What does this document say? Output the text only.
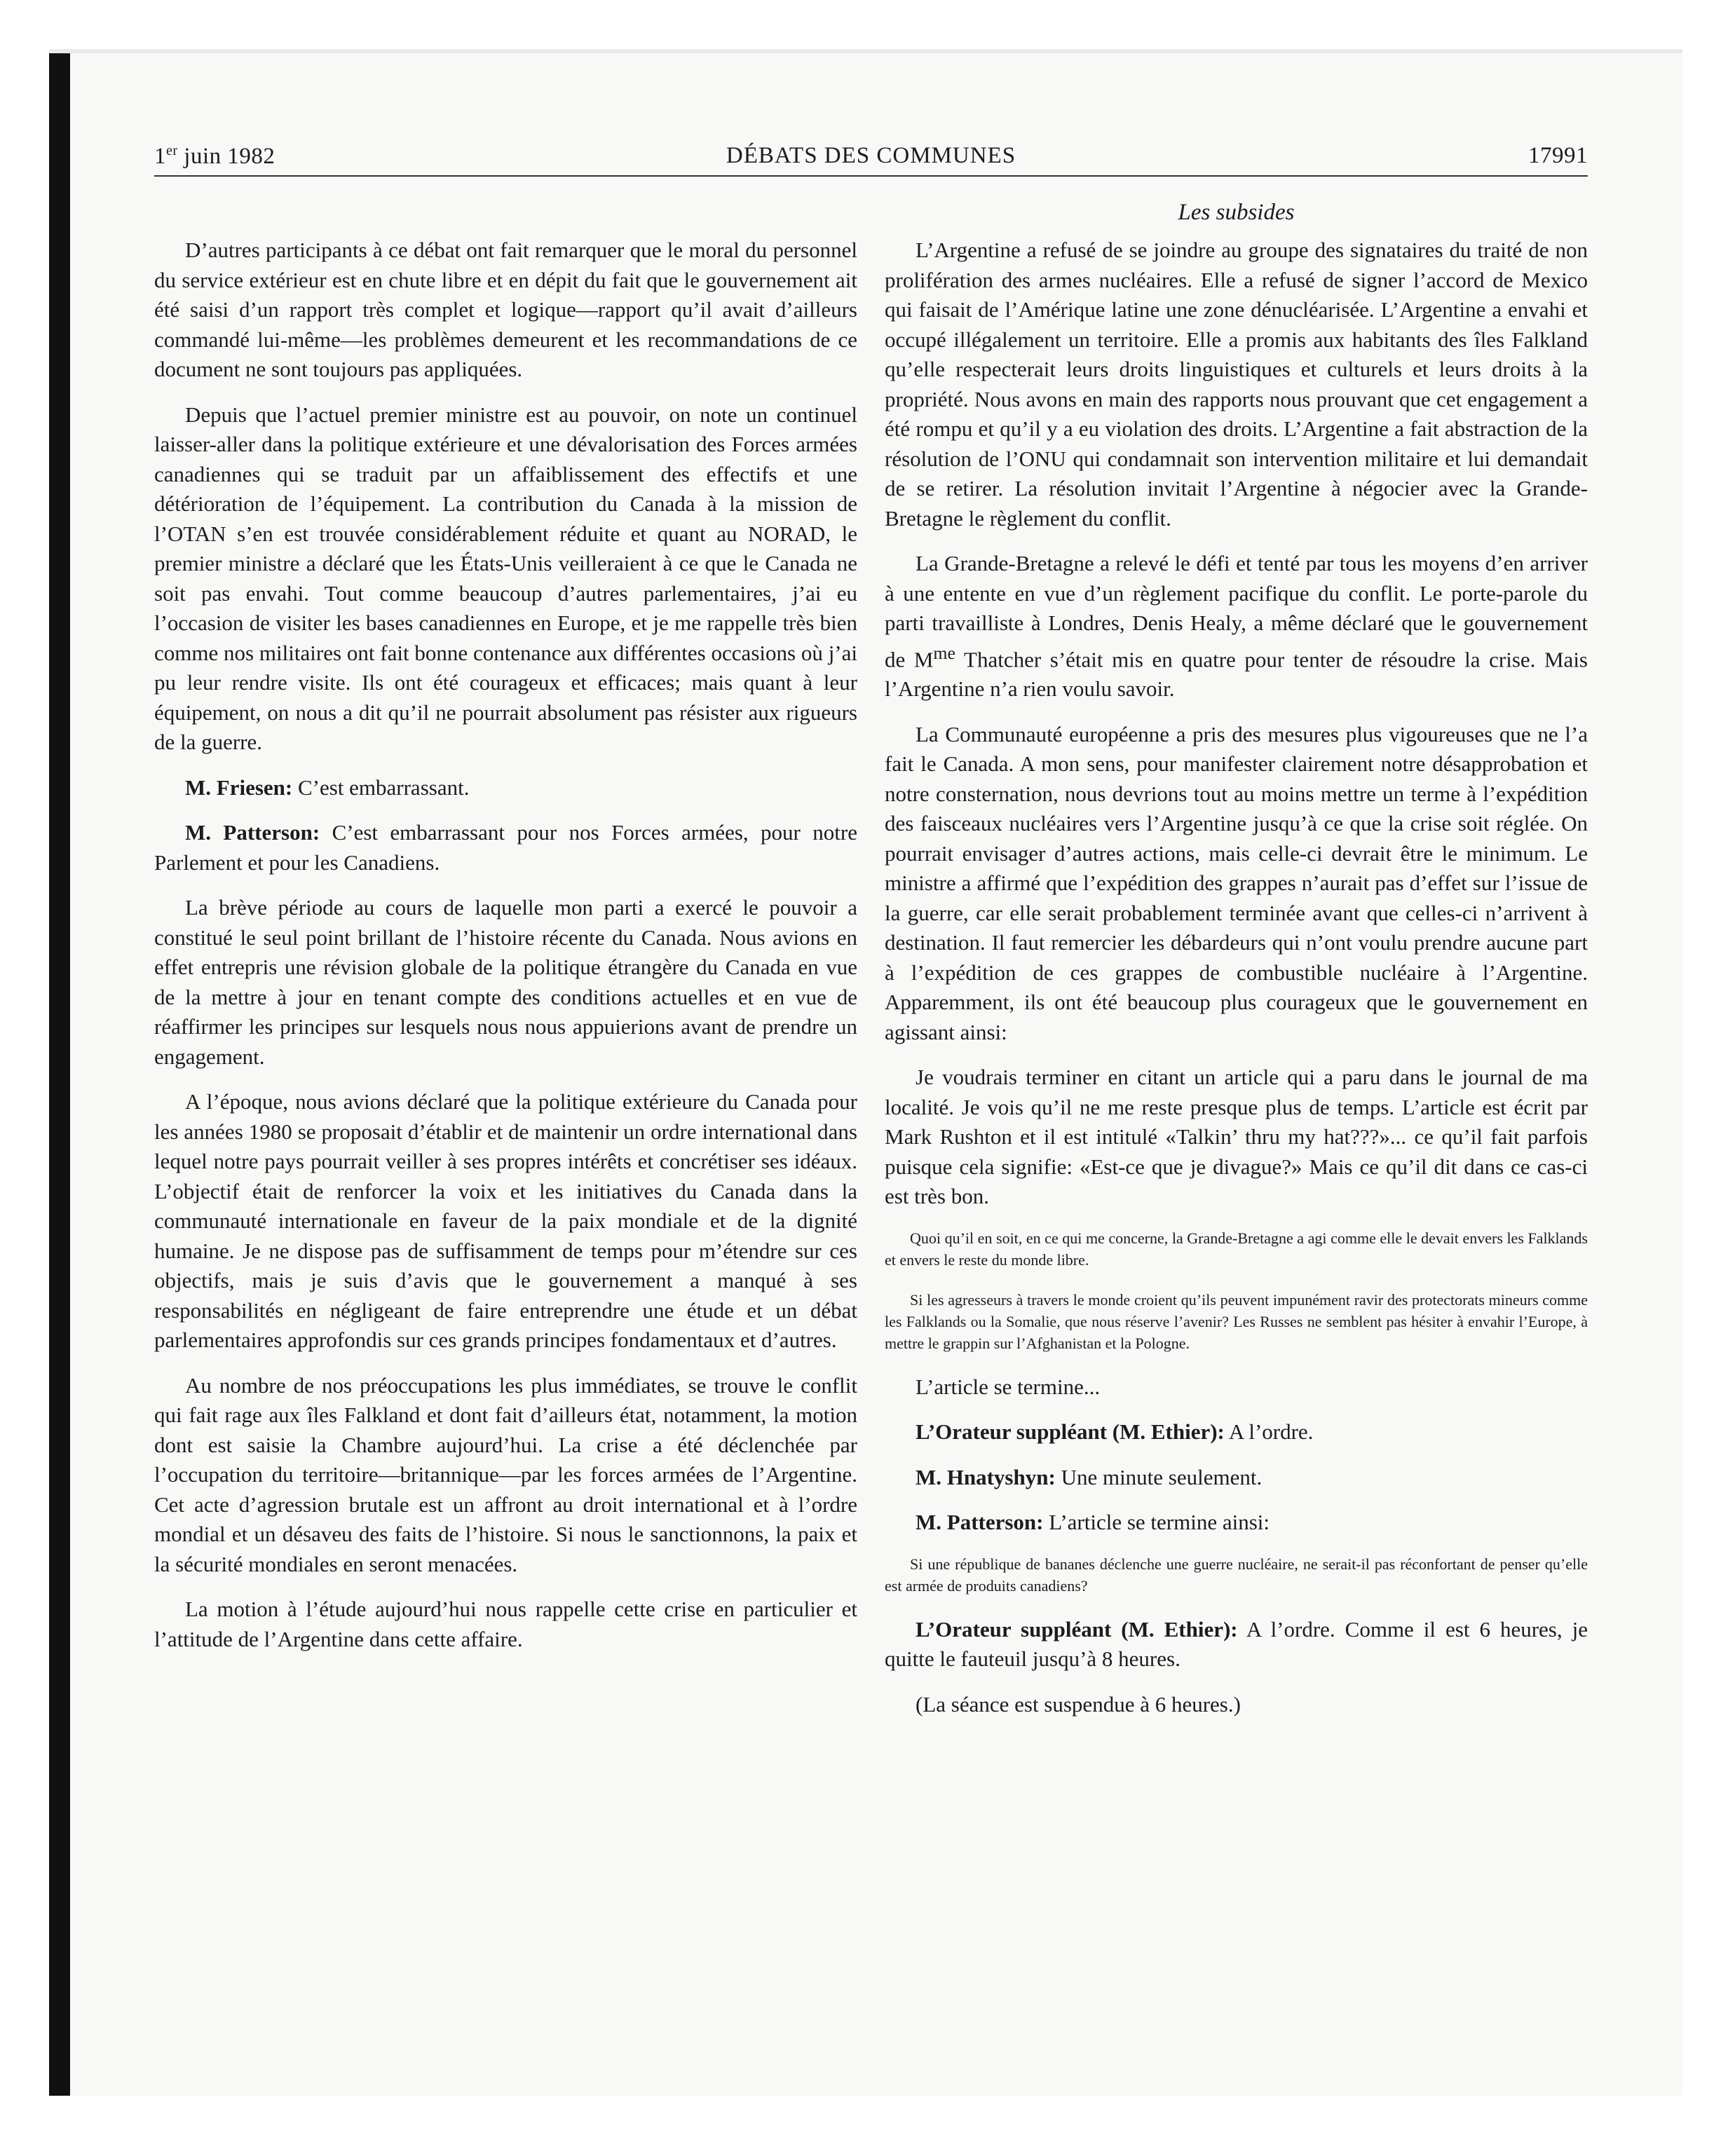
1er juin 1982	DÉBATS DES COMMUNES	17991
Les subsides

D’autres participants à ce débat ont fait remarquer que le moral du personnel du service extérieur est en chute libre et en dépit du fait que le gouvernement ait été saisi d’un rapport très complet et logique—rapport qu’il avait d’ailleurs commandé lui-même—les problèmes demeurent et les recommandations de ce document ne sont toujours pas appliquées.

Depuis que l’actuel premier ministre est au pouvoir, on note un continuel laisser-aller dans la politique extérieure et une dévalorisation des Forces armées canadiennes qui se traduit par un affaiblissement des effectifs et une détérioration de l’équipement. La contribution du Canada à la mission de l’OTAN s’en est trouvée considérablement réduite et quant au NORAD, le premier ministre a déclaré que les États-Unis veilleraient à ce que le Canada ne soit pas envahi. Tout comme beaucoup d’autres parlementaires, j’ai eu l’occasion de visiter les bases canadiennes en Europe, et je me rappelle très bien comme nos militaires ont fait bonne contenance aux différentes occasions où j’ai pu leur rendre visite. Ils ont été courageux et efficaces; mais quant à leur équipement, on nous a dit qu’il ne pourrait absolument pas résister aux rigueurs de la guerre.

M. Friesen: C’est embarrassant.

M. Patterson: C’est embarrassant pour nos Forces armées, pour notre Parlement et pour les Canadiens.

La brève période au cours de laquelle mon parti a exercé le pouvoir a constitué le seul point brillant de l’histoire récente du Canada. Nous avions en effet entrepris une révision globale de la politique étrangère du Canada en vue de la mettre à jour en tenant compte des conditions actuelles et en vue de réaffirmer les principes sur lesquels nous nous appuierions avant de prendre un engagement.

A l’époque, nous avions déclaré que la politique extérieure du Canada pour les années 1980 se proposait d’établir et de maintenir un ordre international dans lequel notre pays pourrait veiller à ses propres intérêts et concrétiser ses idéaux. L’objectif était de renforcer la voix et les initiatives du Canada dans la communauté internationale en faveur de la paix mondiale et de la dignité humaine. Je ne dispose pas de suffisamment de temps pour m’étendre sur ces objectifs, mais je suis d’avis que le gouvernement a manqué à ses responsabilités en négligeant de faire entreprendre une étude et un débat parlementaires approfondis sur ces grands principes fondamentaux et d’autres.

Au nombre de nos préoccupations les plus immédiates, se trouve le conflit qui fait rage aux îles Falkland et dont fait d’ailleurs état, notamment, la motion dont est saisie la Chambre aujourd’hui. La crise a été déclenchée par l’occupation du territoire—britannique—par les forces armées de l’Argentine. Cet acte d’agression brutale est un affront au droit international et à l’ordre mondial et un désaveu des faits de l’histoire. Si nous le sanctionnons, la paix et la sécurité mondiales en seront menacées.

La motion à l’étude aujourd’hui nous rappelle cette crise en particulier et l’attitude de l’Argentine dans cette affaire.

L’Argentine a refusé de se joindre au groupe des signataires du traité de non prolifération des armes nucléaires. Elle a refusé de signer l’accord de Mexico qui faisait de l’Amérique latine une zone dénucléarisée. L’Argentine a envahi et occupé illégalement un territoire. Elle a promis aux habitants des îles Falkland qu’elle respecterait leurs droits linguistiques et culturels et leurs droits à la propriété. Nous avons en main des rapports nous prouvant que cet engagement a été rompu et qu’il y a eu violation des droits. L’Argentine a fait abstraction de la résolution de l’ONU qui condamnait son intervention militaire et lui demandait de se retirer. La résolution invitait l’Argentine à négocier avec la Grande-Bretagne le règlement du conflit.

La Grande-Bretagne a relevé le défi et tenté par tous les moyens d’en arriver à une entente en vue d’un règlement pacifique du conflit. Le porte-parole du parti travailliste à Londres, Denis Healy, a même déclaré que le gouvernement de $M^{me}$ Thatcher s’était mis en quatre pour tenter de résoudre la crise. Mais l’Argentine n’a rien voulu savoir.

La Communauté européenne a pris des mesures plus vigoureuses que ne l’a fait le Canada. A mon sens, pour manifester clairement notre désapprobation et notre consternation, nous devrions tout au moins mettre un terme à l’expédition des faisceaux nucléaires vers l’Argentine jusqu’à ce que la crise soit réglée. On pourrait envisager d’autres actions, mais celle-ci devrait être le minimum. Le ministre a affirmé que l’expédition des grappes n’aurait pas d’effet sur l’issue de la guerre, car elle serait probablement terminée avant que celles-ci n’arrivent à destination. Il faut remercier les débardeurs qui n’ont voulu prendre aucune part à l’expédition de ces grappes de combustible nucléaire à l’Argentine. Apparemment, ils ont été beaucoup plus courageux que le gouvernement en agissant ainsi:

Je voudrais terminer en citant un article qui a paru dans le journal de ma localité. Je vois qu’il ne me reste presque plus de temps. L’article est écrit par Mark Rushton et il est intitulé «Talkin’ thru my hat???»... ce qu’il fait parfois puisque cela signifie: «Est-ce que je divague?» Mais ce qu’il dit dans ce cas-ci est très bon.

Quoi qu’il en soit, en ce qui me concerne, la Grande-Bretagne a agi comme elle le devait envers les Falklands et envers le reste du monde libre.

Si les agresseurs à travers le monde croient qu’ils peuvent impunément ravir des protectorats mineurs comme les Falklands ou la Somalie, que nous réserve l’avenir? Les Russes ne semblent pas hésiter à envahir l’Europe, à mettre le grappin sur l’Afghanistan et la Pologne.

L’article se termine...

L’Orateur suppléant (M. Ethier): A l’ordre.

M. Hnatyshyn: Une minute seulement.

M. Patterson: L’article se termine ainsi:

Si une république de bananes déclenche une guerre nucléaire, ne serait-il pas réconfortant de penser qu’elle est armée de produits canadiens?

L’Orateur suppléant (M. Ethier): A l’ordre. Comme il est 6 heures, je quitte le fauteuil jusqu’à 8 heures.

(La séance est suspendue à 6 heures.)
